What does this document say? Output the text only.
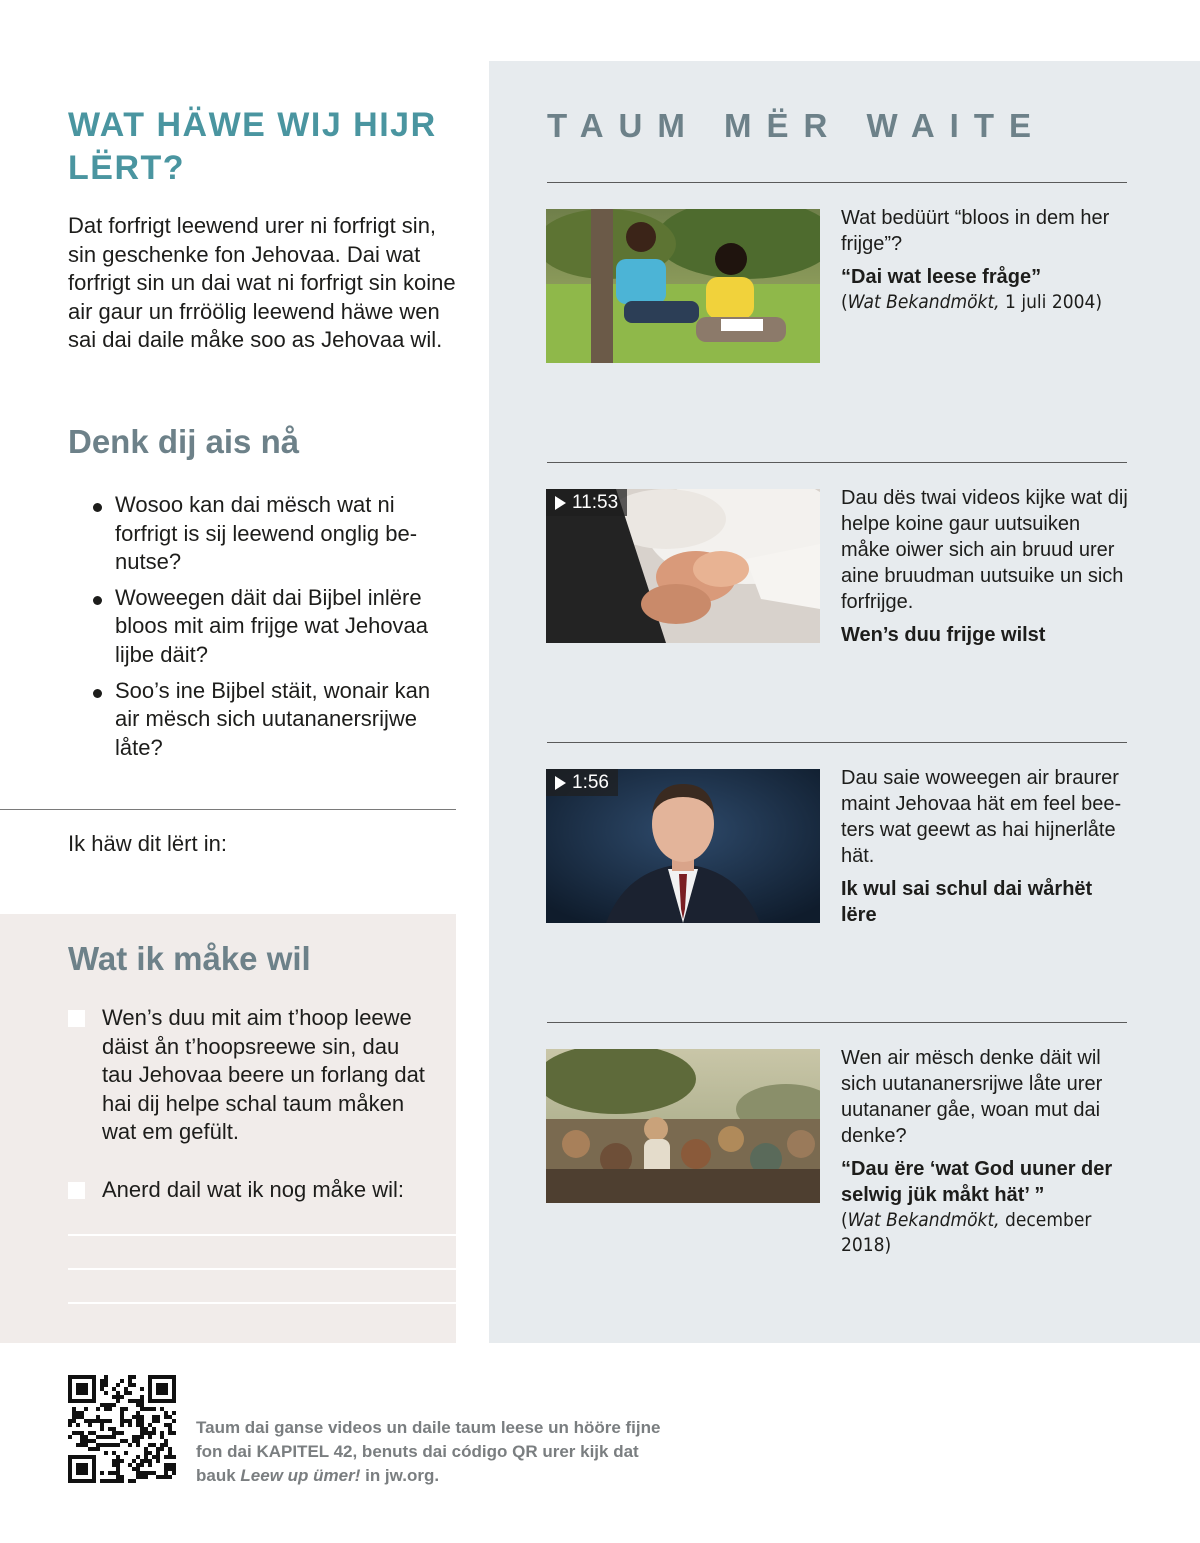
WAT HÄWE WIJ HIJR LËRT?

Dat forfrigt leewend urer ni forfrigt sin, sin geschenke fon Jehovaa. Dai wat forfrigt sin un dai wat ni forfrigt sin koine air gaur un frröölig leewend häwe wen sai dai daile måke soo as Jehovaa wil.

Denk dij ais nå
Wosoo kan dai mësch wat ni forfrigt is sij leewend onglig be-nutse?
Woweegen däit dai Bijbel inlëre bloos mit aim frijge wat Jehovaa lijbe däit?
Soo’s ine Bijbel stäit, wonair kan air mësch sich uutananersrijwe låte?
Ik häw dit lërt in:
Wat ik måke wil
Wen’s duu mit aim t’hoop leewe däist ån t’hoopsreewe sin, dau tau Jehovaa beere un forlang dat hai dij helpe schal taum måken wat em gefült.
Anerd dail wat ik nog måke wil:
TAUM MËR WAITE

Wat bedüürt “bloos in dem her frijge”?

“Dai wat leese fråge”

(Wat Bekandmökt, 1 juli 2004)

11:53	Dau dës twai videos kijke wat dij helpe koine gaur uutsuiken måke oiwer sich ain bruud urer aine bruudman uutsuike un sich forfrijge.

Wen’s duu frijge wilst

1:56	Dau saie woweegen air braurer maint Jehovaa hät em feel bee-ters wat geewt as hai hijnerlåte hät.

Ik wul sai schul dai wårhët lëre

Wen air mësch denke däit wil sich uutananersrijwe låte urer uutananer gåe, woan mut dai denke?

“Dau ëre ‘wat God uuner der selwig jük måkt hät’ ”

(Wat Bekandmökt, december 2018)

Taum dai ganse videos un daile taum leese un hööre fijne fon dai KAPITEL 42, benuts dai código QR urer kijk dat bauk Leew up ümer! in jw.org.
